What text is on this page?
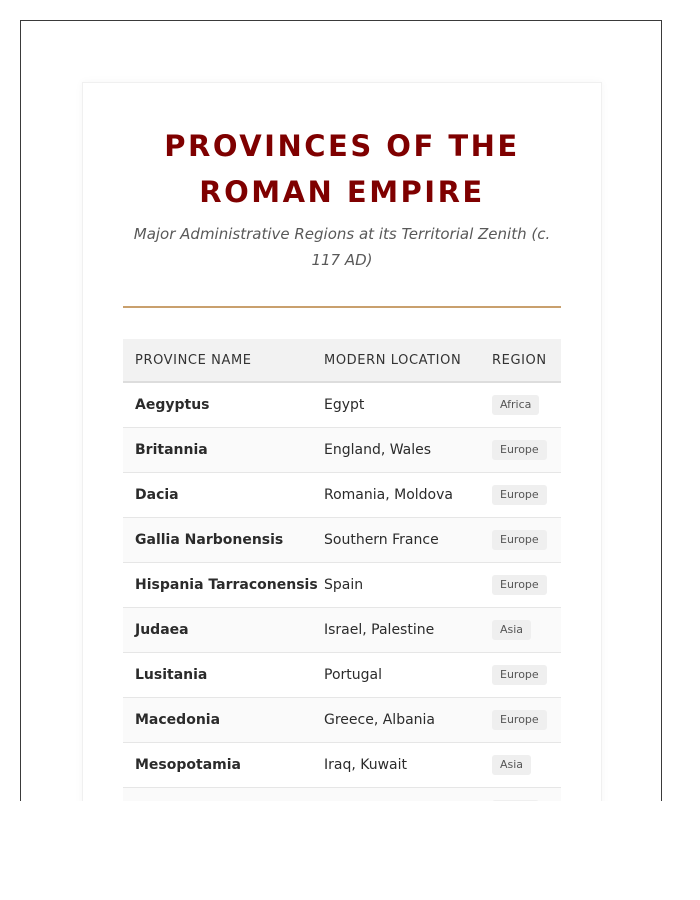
PROVINCES OF THE
ROMAN EMPIRE

Major Administrative Regions at its Territorial Zenith (c. 117 AD)

PROVINCE NAME	MODERN LOCATION	REGION
Aegyptus	Egypt	Africa
Britannia	England, Wales	Europe
Dacia	Romania, Moldova	Europe
Gallia Narbonensis	Southern France	Europe
Hispania Tarraconensis	Spain	Europe
Judaea	Israel, Palestine	Asia
Lusitania	Portugal	Europe
Macedonia	Greece, Albania	Europe
Mesopotamia	Iraq, Kuwait	Asia
